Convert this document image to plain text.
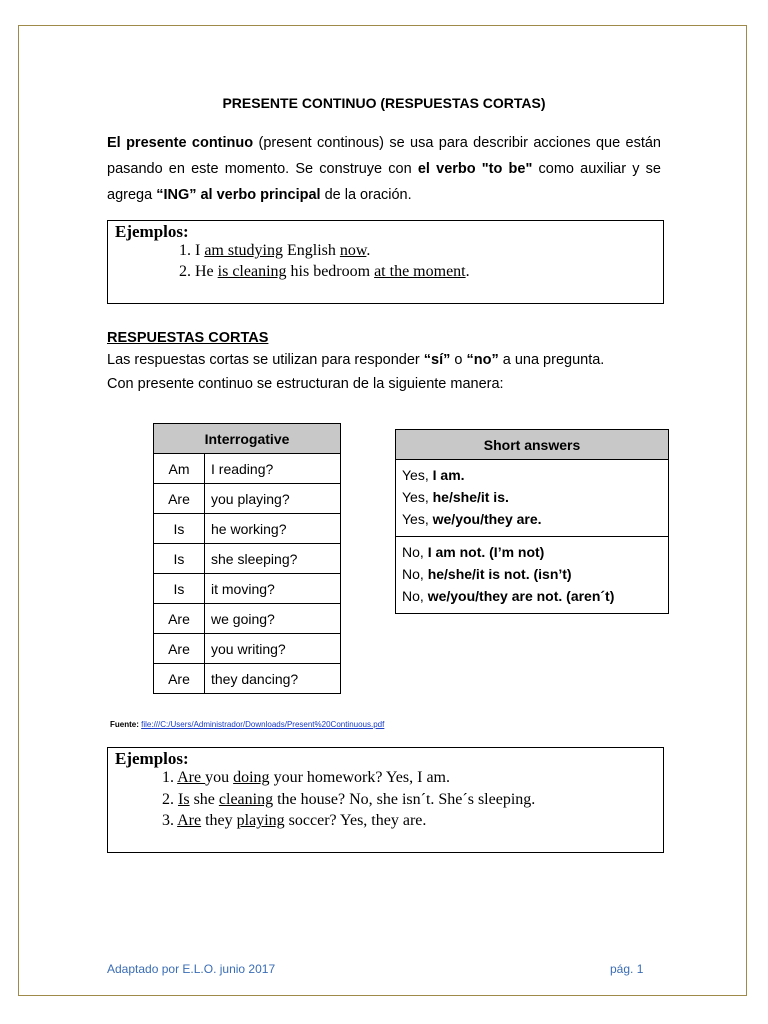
PRESENTE CONTINUO (RESPUESTAS CORTAS)
El presente continuo (present continous) se usa para describir acciones que están pasando en este momento. Se construye con el verbo "to be" como auxiliar y se agrega “ING” al verbo principal de la oración.
Ejemplos:
1. I am studying English now.
2. He is cleaning his bedroom at the moment.
RESPUESTAS CORTAS
Las respuestas cortas se utilizan para responder “sí” o “no” a una pregunta.
Con presente continuo se estructuran de la siguiente manera:
Interrogative	
Am	I reading?
Are	you playing?
Is	he working?
Is	she sleeping?
Is	it moving?
Are	we going?
Are	you writing?
Are	they dancing?
Short answers
Yes, I am.
Yes, he/she/it is.
Yes, we/you/they are.
No, I am not. (I’m not)
No, he/she/it is not. (isn’t)
No, we/you/they are not. (aren´t)
Fuente: file:///C:/Users/Administrador/Downloads/Present%20Continuous.pdf
Ejemplos:
1. Are you doing your homework? Yes, I am.
2. Is she cleaning the house? No, she isn´t. She´s sleeping.
3. Are they playing soccer? Yes, they are.
Adaptado por E.L.O. junio 2017	pág. 1
